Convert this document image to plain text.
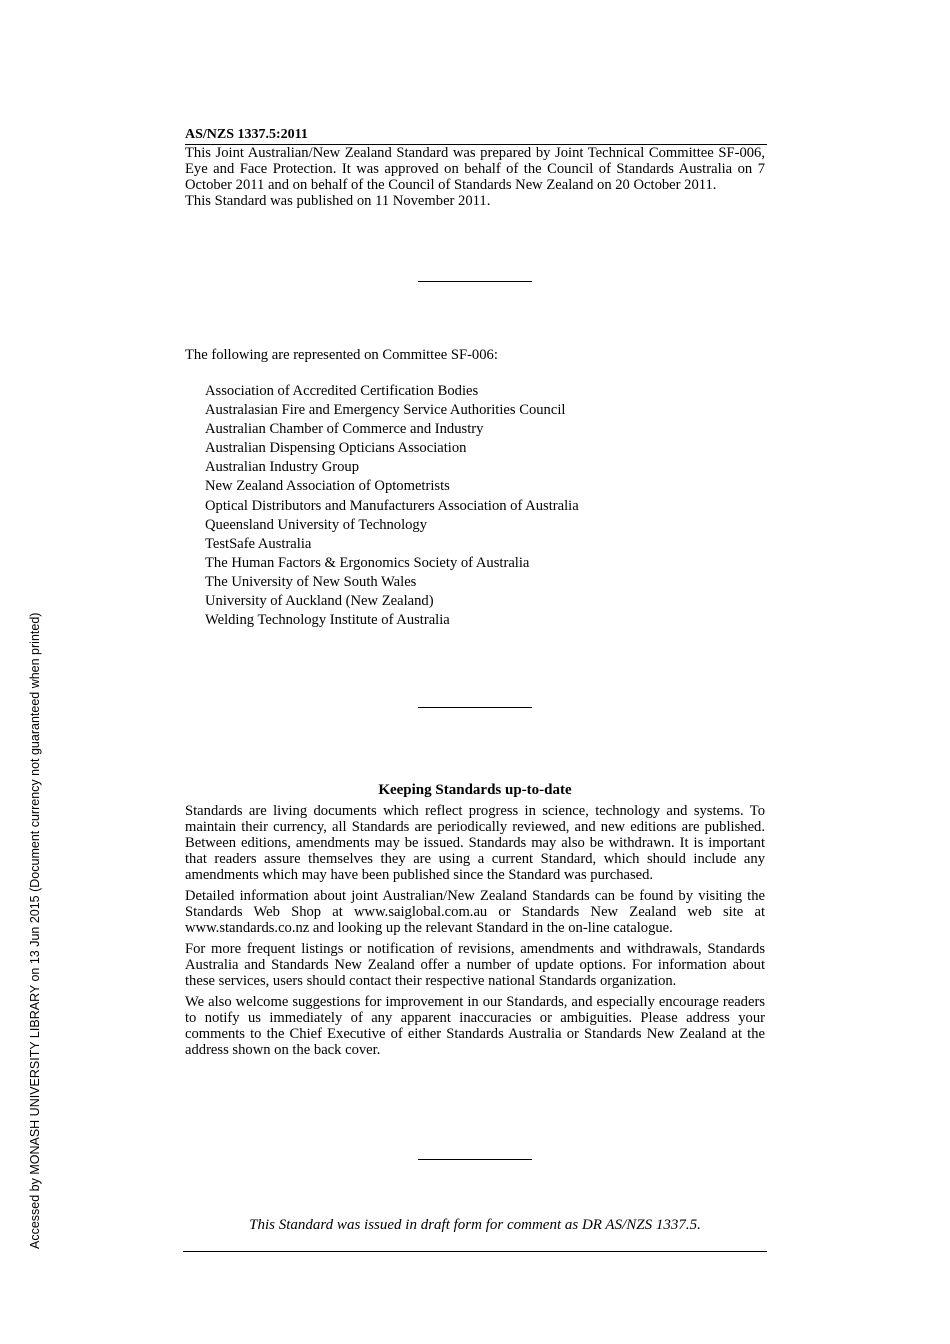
Accessed by MONASH UNIVERSITY LIBRARY on 13 Jun 2015 (Document currency not guaranteed when printed)
AS/NZS 1337.5:2011

This Joint Australian/New Zealand Standard was prepared by Joint Technical Committee SF-006, Eye and Face Protection. It was approved on behalf of the Council of Standards Australia on 7 October 2011 and on behalf of the Council of Standards New Zealand on 20 October 2011.

This Standard was published on 11 November 2011.

The following are represented on Committee SF-006:
Association of Accredited Certification Bodies
Australasian Fire and Emergency Service Authorities Council
Australian Chamber of Commerce and Industry
Australian Dispensing Opticians Association
Australian Industry Group
New Zealand Association of Optometrists
Optical Distributors and Manufacturers Association of Australia
Queensland University of Technology
TestSafe Australia
The Human Factors & Ergonomics Society of Australia
The University of New South Wales
University of Auckland (New Zealand)
Welding Technology Institute of Australia
Keeping Standards up-to-date

Standards are living documents which reflect progress in science, technology and systems. To maintain their currency, all Standards are periodically reviewed, and new editions are published. Between editions, amendments may be issued. Standards may also be withdrawn. It is important that readers assure themselves they are using a current Standard, which should include any amendments which may have been published since the Standard was purchased.

Detailed information about joint Australian/New Zealand Standards can be found by visiting the Standards Web Shop at www.saiglobal.com.au or Standards New Zealand web site at www.standards.co.nz and looking up the relevant Standard in the on-line catalogue.

For more frequent listings or notification of revisions, amendments and withdrawals, Standards Australia and Standards New Zealand offer a number of update options. For information about these services, users should contact their respective national Standards organization.

We also welcome suggestions for improvement in our Standards, and especially encourage readers to notify us immediately of any apparent inaccuracies or ambiguities. Please address your comments to the Chief Executive of either Standards Australia or Standards New Zealand at the address shown on the back cover.

This Standard was issued in draft form for comment as DR AS/NZS 1337.5.
